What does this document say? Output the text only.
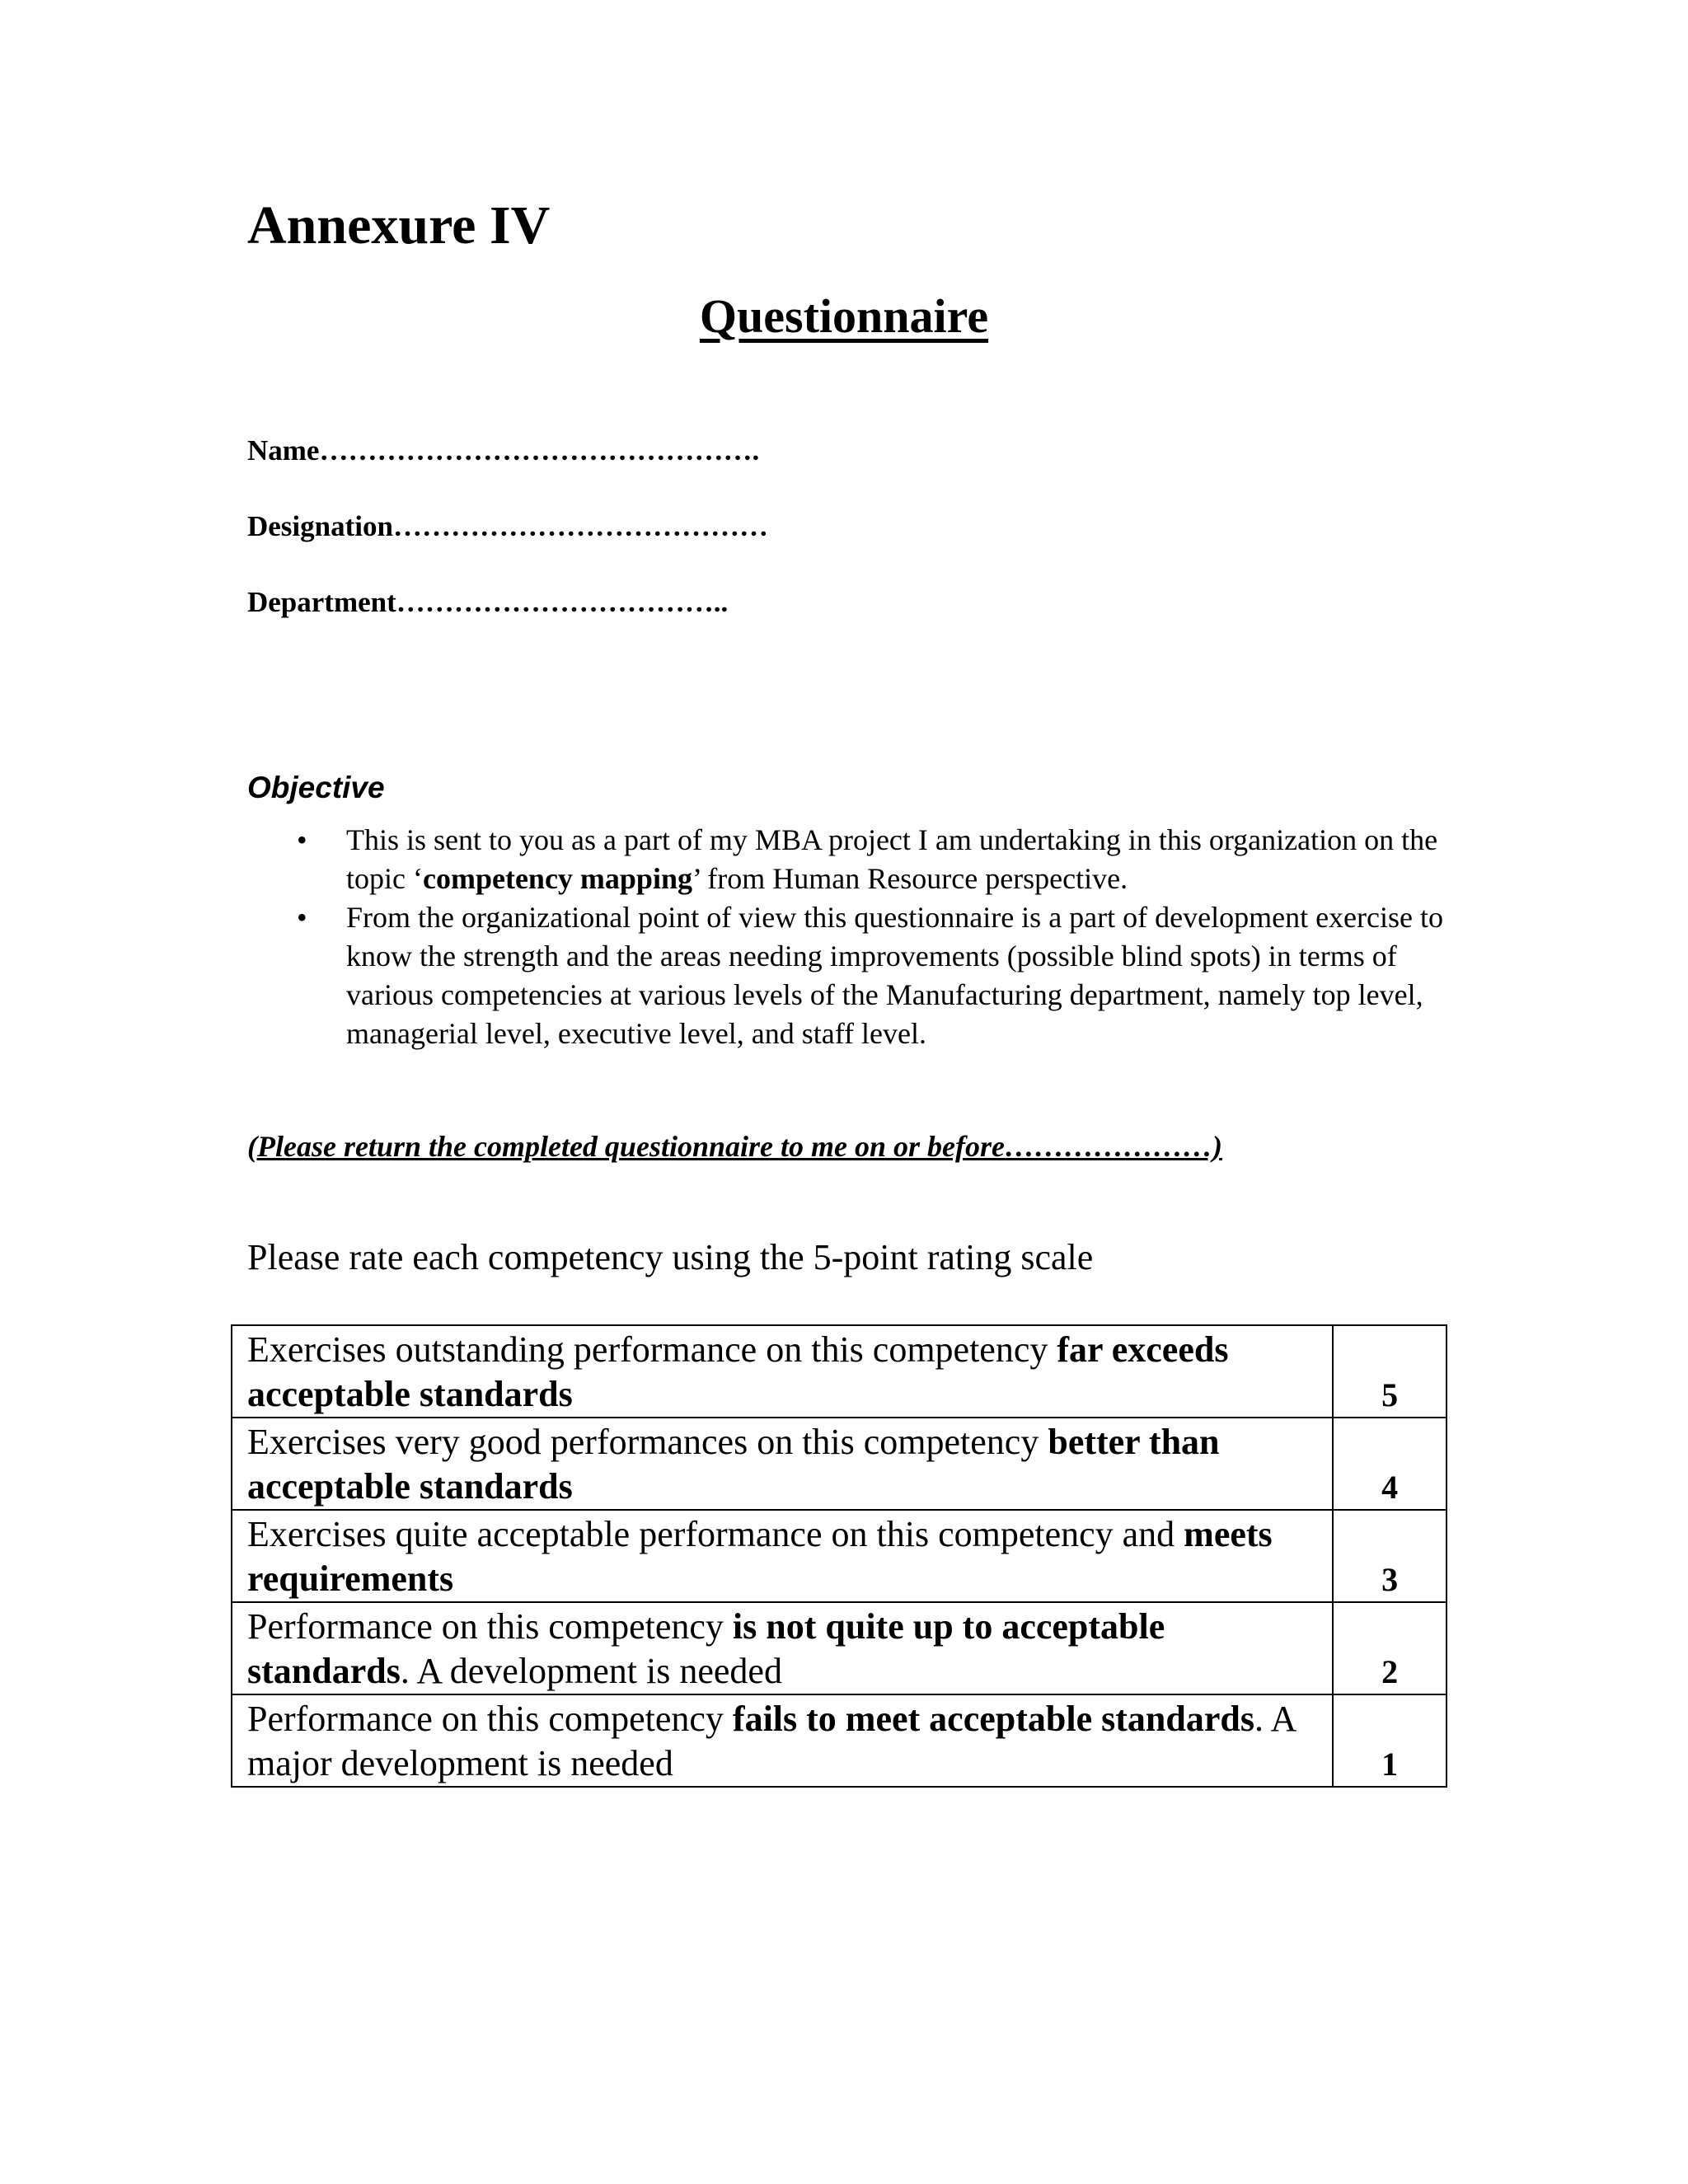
Annexure IV
Questionnaire
Name……………………………………….
Designation…………………………………
Department……………………………..
Objective
• This is sent to you as a part of my MBA project I am undertaking in this organization on the topic ‘competency mapping’ from Human Resource perspective.
• From the organizational point of view this questionnaire is a part of development exercise to know the strength and the areas needing improvements (possible blind spots) in terms of various competencies at various levels of the Manufacturing department, namely top level, managerial level, executive level, and staff level.
(Please return the completed questionnaire to me on or before…………………)
Please rate each competency using the 5-point rating scale
Exercises outstanding performance on this competency far exceeds acceptable standards	5
Exercises very good performances on this competency better than acceptable standards	4
Exercises quite acceptable performance on this competency and meets requirements	3
Performance on this competency is not quite up to acceptable standards. A development is needed	2
Performance on this competency fails to meet acceptable standards. A major development is needed	1
